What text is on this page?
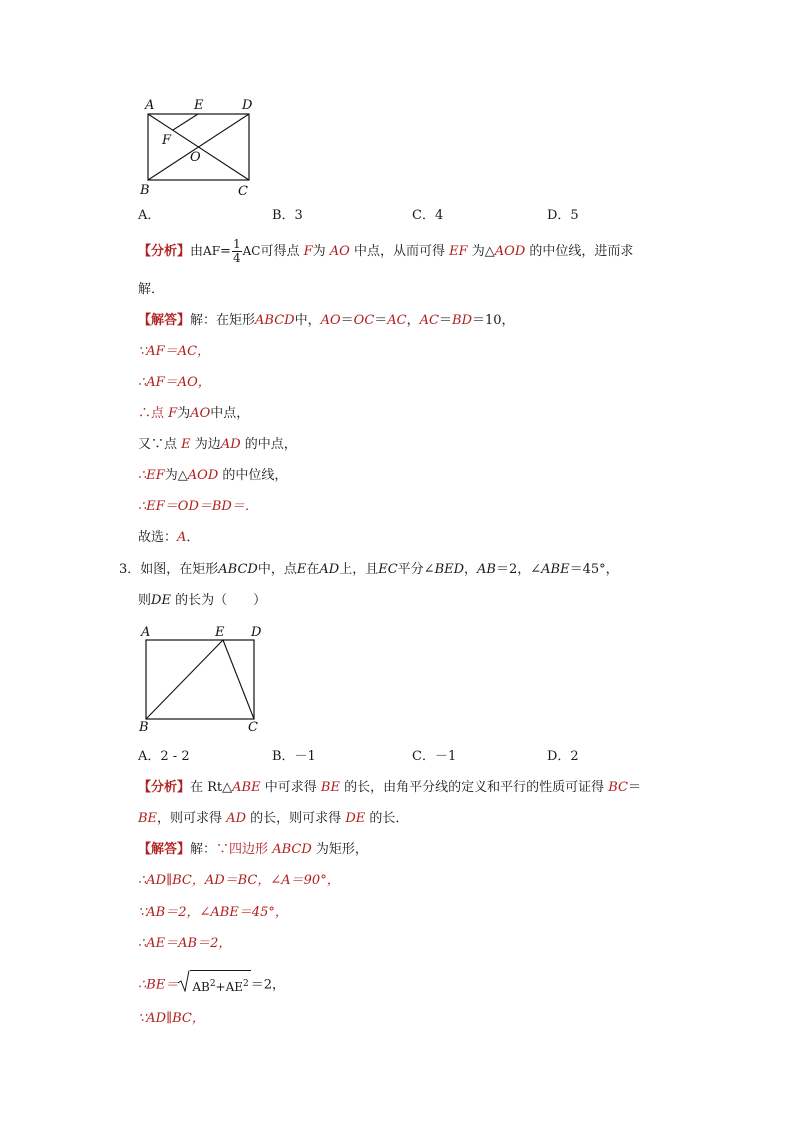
A	E	D
F
O
B	C
A．	B．3	C．4	D．5
【分析】由$AF= \frac{1}{4}$ AC可得点 F为 AO 中点，从而可得 EF 为△AOD 的中位线，进而求
解．
【解答】解：在矩形ABCD中，AO＝OC＝AC，AC＝BD＝10，
∵AF＝AC，
∴AF＝AO，
∴点 F为AO中点，
又∵点 E 为边AD 的中点，
∴EF为△AOD 的中位线，
∴EF＝OD＝BD＝．
故选：A．
3．如图，在矩形ABCD中，点E在AD上，且EC平分∠BED，AB＝2，∠ABE＝45°，
则DE 的长为（　　）
A	E D
B	C
A．2 - 2	B．－1	C．－1	D．2
【分析】在 Rt△ABE 中可求得 BE 的长，由角平分线的定义和平行的性质可证得 BC＝
BE，则可求得 AD 的长，则可求得 DE 的长．
【解答】解：∵四边形 ABCD 为矩形，
∴AD∥BC，AD＝BC，∠A＝90°，
∵AB＝2，∠ABE＝45°，
∴AE＝AB＝2，
∴BE＝ $AB^2+AE^2 =2$，
∵AD∥BC，
